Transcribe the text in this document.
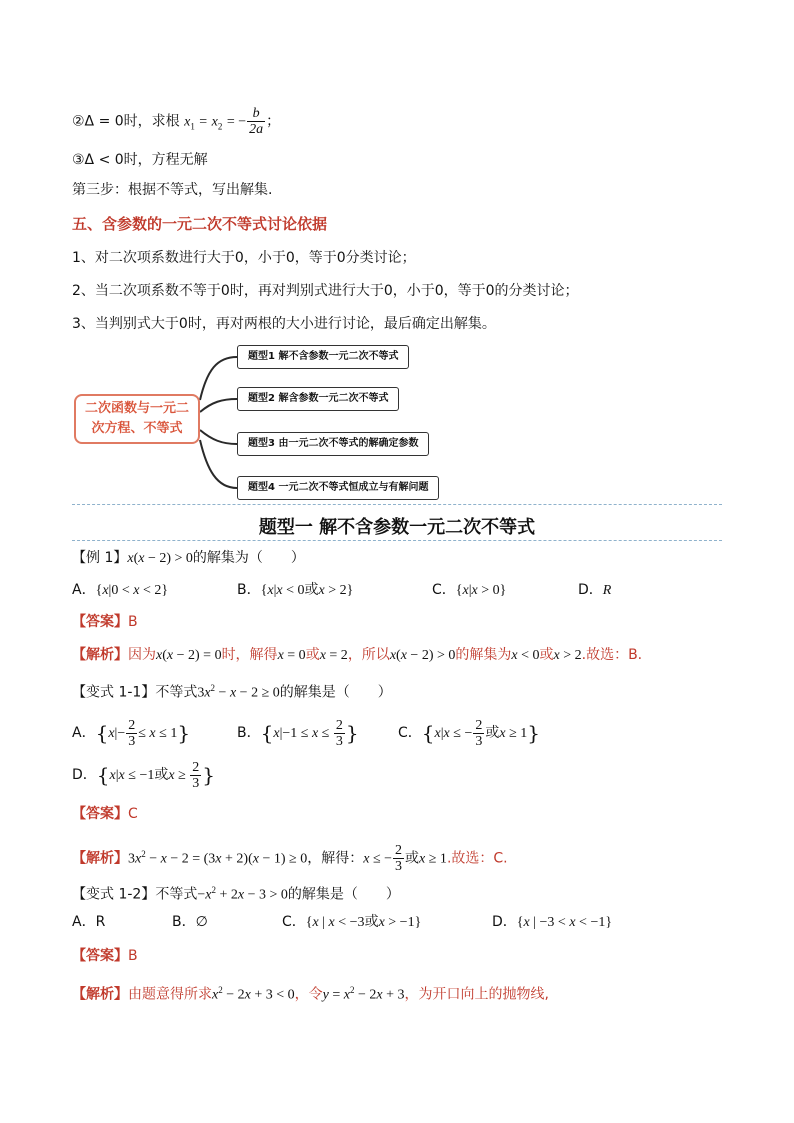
②Δ = 0时，求根 $x_1 = x_2$ = − $\frac{b}{2a}$ ；
③Δ < 0时，方程无解
第三步：根据不等式，写出解集.
五、含参数的一元二次不等式讨论依据
1、对二次项系数进行大于0，小于0，等于0分类讨论；
2、当二次项系数不等于0时，再对判别式进行大于0，小于0，等于0的分类讨论；
3、当判别式大于0时，再对两根的大小进行讨论，最后确定出解集。
二次函数与一元二
次方程、不等式
题型1 解不含参数一元二次不等式
题型2 解含参数一元二次不等式
题型3 由一元二次不等式的解确定参数
题型4 一元二次不等式恒成立与有解问题
题型一 解不含参数一元二次不等式
【例 1】x(x − 2) > 0的解集为（　　）
A．{x|0 < x < 2}	B．{x|x < 0或x > 2}	C．{x|x > 0}	D．R
【答案】B
【解析】因为x(x − 2) = 0时，解得x = 0或x = 2，所以x(x − 2) > 0的解集为x < 0或x > 2.故选：B.
【变式 1-1】不等式$3x^2 - x - 2 \ge 0$的解集是（　　）
A．$\{x|- \frac{2}{3} \le x \le 1\}$	B．{$x|-1 \le x \le \frac{2}{3}$ }	C．{x|x ≤ − $\frac{2}{3}$ 或x ≥ 1}
D．{x|x ≤ −1或$x \ge \frac{2}{3}$ }
【答案】C
【解析】$3x^2 - x - 2 = (3x + 2)(x - 1) \ge 0$，解得：x ≤ − $\frac{2}{3}$ 或x ≥ 1.故选：C.
【变式 1-2】不等式$-x^2 + 2x - 3 > 0$的解集是（　　）
A．R	B．∅	C．{x | x < −3或x > −1}	D．{x | −3 < x < −1}
【答案】B
【解析】由题意得所求$x^2 - 2x + 3 < 0$，令$y = x^2 - 2x + 3$，为开口向上的抛物线,
